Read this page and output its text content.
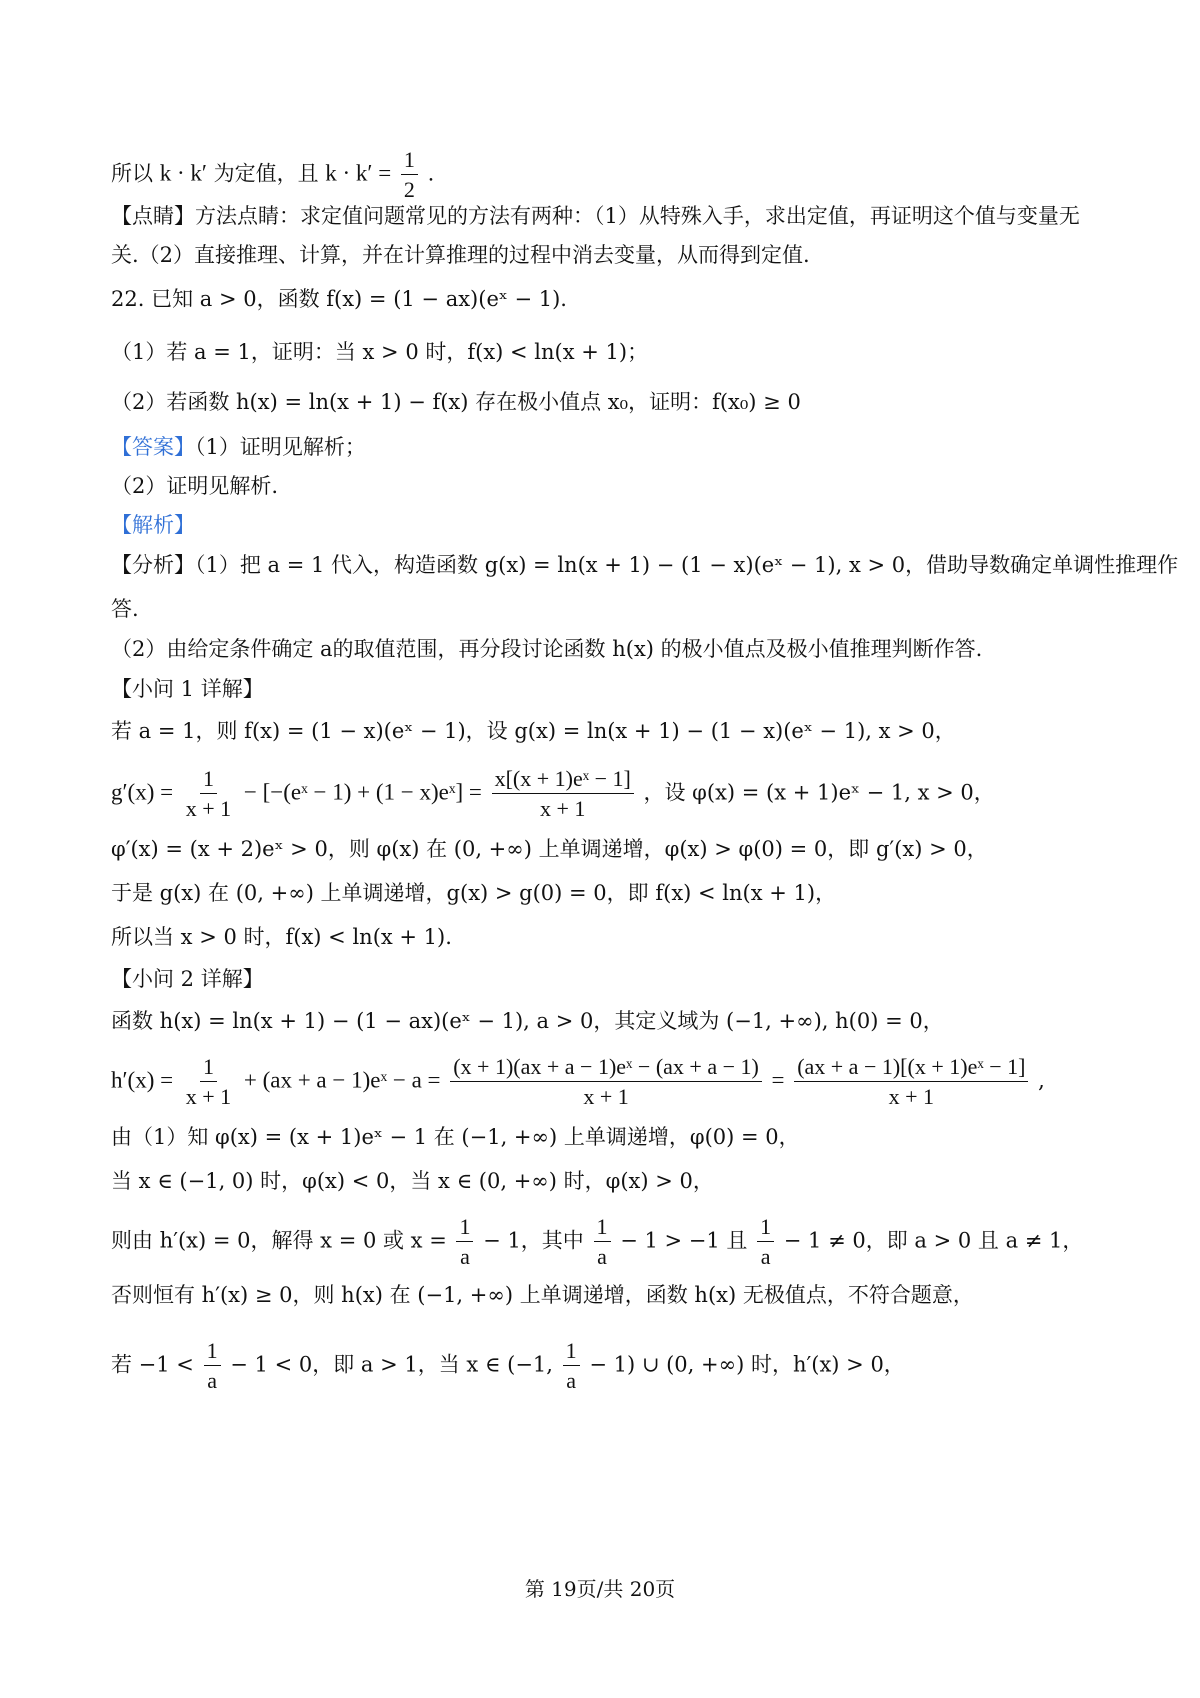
所以 k · k′ 为定值，且 $k \cdot k' = \frac{1}{2}$ .
【点睛】方法点睛：求定值问题常见的方法有两种：（1）从特殊入手，求出定值，再证明这个值与变量无
关.（2）直接推理、计算，并在计算推理的过程中消去变量，从而得到定值.
22. 已知 a > 0，函数 f(x) = (1 − ax)(eˣ − 1).
（1）若 a = 1，证明：当 x > 0 时，f(x) < ln(x + 1)；
（2）若函数 h(x) = ln(x + 1) − f(x) 存在极小值点 x₀，证明：f(x₀) ≥ 0
【答案】（1）证明见解析；
（2）证明见解析.
【解析】
【分析】（1）把 a = 1 代入，构造函数 g(x) = ln(x + 1) − (1 − x)(eˣ − 1), x > 0，借助导数确定单调性推理作
答.
（2）由给定条件确定 a的取值范围，再分段讨论函数 h(x) 的极小值点及极小值推理判断作答.
【小问 1 详解】
若 a = 1，则 f(x) = (1 − x)(eˣ − 1)，设 g(x) = ln(x + 1) − (1 − x)(eˣ − 1), x > 0，
$g'(x) = \frac{1}{x + 1}$ − [−(eˣ − 1) + (1 − x)eˣ] = $\frac{\text{x[(x + 1)eˣ − 1]}}{x + 1}$ ，设 φ(x) = (x + 1)eˣ − 1, x > 0，
φ′(x) = (x + 2)eˣ > 0，则 φ(x) 在 (0, +∞) 上单调递增，φ(x) > φ(0) = 0，即 g′(x) > 0，
于是 g(x) 在 (0, +∞) 上单调递增，g(x) > g(0) = 0，即 f(x) < ln(x + 1)，
所以当 x > 0 时，f(x) < ln(x + 1).
【小问 2 详解】
函数 h(x) = ln(x + 1) − (1 − ax)(eˣ − 1), a > 0，其定义域为 (−1, +∞), h(0) = 0，
$h'(x) = \frac{1}{x + 1} + (ax + a$ − 1)eˣ − $a = \frac{\text{(x + 1)(ax + a − 1)eˣ − (ax + a − 1)}}{x + 1} = \frac{\text{(ax + a − 1)[(x + 1)eˣ − 1]}}{x + 1}$ ,
由（1）知 φ(x) = (x + 1)eˣ − 1 在 (−1, +∞) 上单调递增，φ(0) = 0，
当 x ∈ (−1, 0) 时，φ(x) < 0，当 x ∈ (0, +∞) 时，φ(x) > 0，
则由 h′(x) = 0，解得 x = 0 或 $x = \frac{1}{a} - 1$，其中 $\frac{1}{a} - 1 > -1$ 且 $\frac{1}{a} - 1 \ne 0$，即 a > 0 且 a ≠ 1，
否则恒有 h′(x) ≥ 0，则 h(x) 在 (−1, +∞) 上单调递增，函数 h(x) 无极值点，不符合题意，
若 $-1 < \frac{1}{a} - 1 < 0$，即 a > 1，当 x ∈ (−1, $\frac{1}{a} - 1$) ∪ (0, +∞) 时，h′(x) > 0，
第 19页/共 20页
